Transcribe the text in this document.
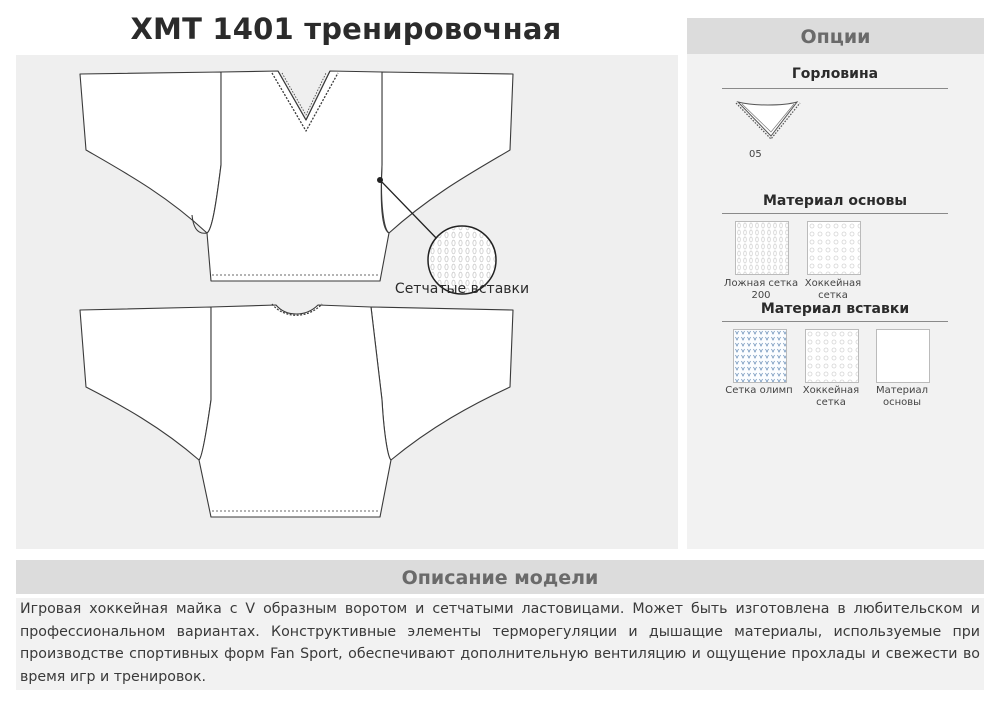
ХМТ 1401 тренировочная
Сетчатые вставки
Опции
Горловина
05
Материал основы
Ложная сетка 200
Хоккейная сетка
Материал вставки
Сетка олимп	Хоккейная сетка
Материал основы
Описание модели
Игровая хоккейная майка с V образным воротом и сетчатыми ластовицами. Может быть изготовлена в любительском и профессиональном вариантах. Конструктивные элементы терморегуляции и дышащие материалы, используемые при производстве спортивных форм Fan Sport, обеспечивают дополнительную вентиляцию и ощущение прохлады и свежести во время игр и тренировок.
